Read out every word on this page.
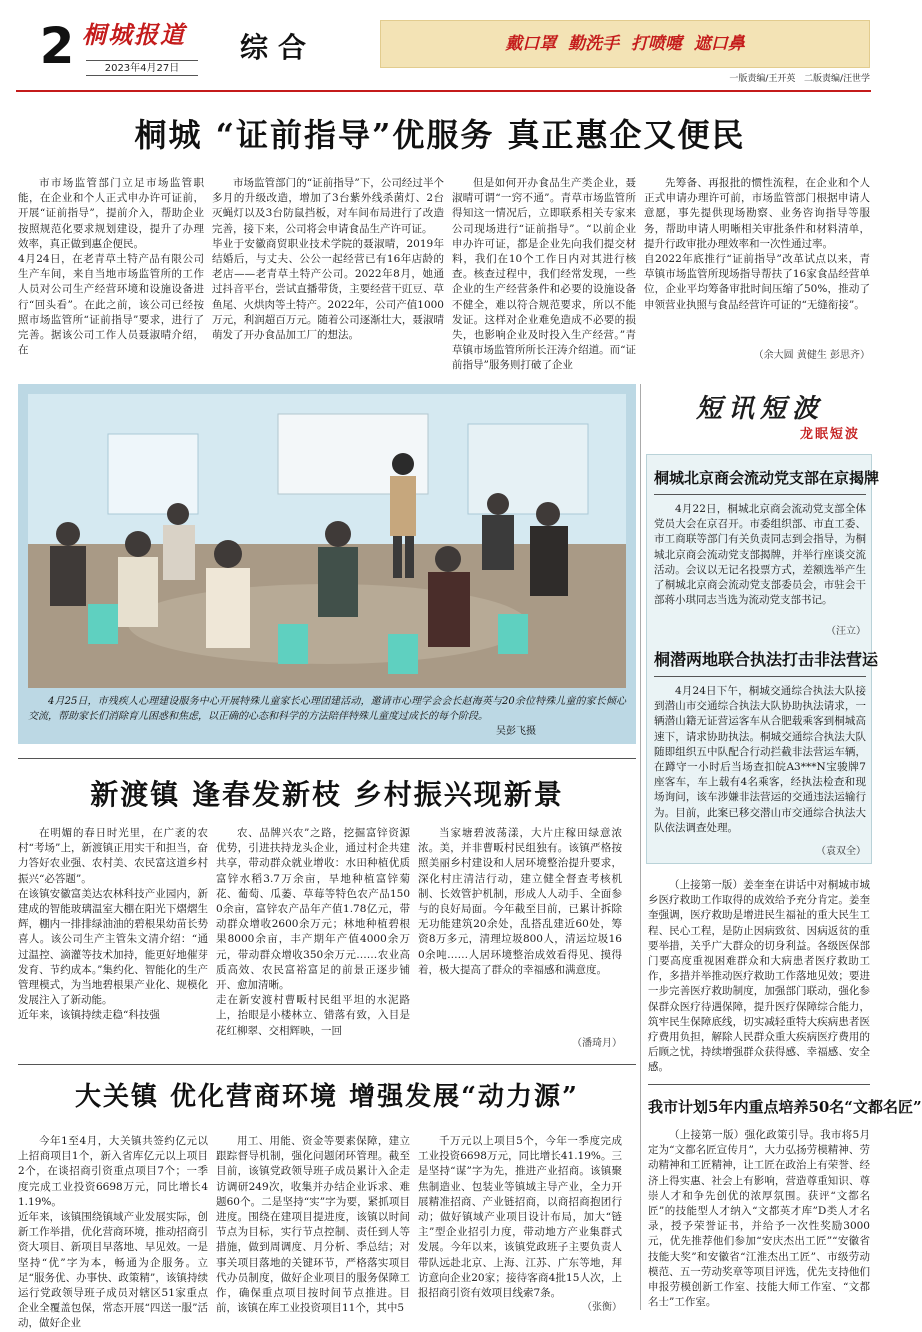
2 桐城报道
2023年4月27日
综合	戴口罩  勤洗手  打喷嚏  遮口鼻
一版责编/王开英   二版责编/汪世学
桐城 “证前指导”优服务 真正惠企又便民
市市场监管部门立足市场监管职能，在企业和个人正式申办许可证前，开展“证前指导”，提前介入，帮助企业按照规范化要求规划建设，提升了办理效率，真正做到惠企便民。
4月24日，在老青草土特产品有限公司生产车间，来自当地市场监管所的工作人员对公司生产经营环境和设施设备进行“回头看”。在此之前，该公司已经按照市场监管所“证前指导”要求，进行了完善。据该公司工作人员聂淑晴介绍，在
市场监管部门的“证前指导”下，公司经过半个多月的升级改造，增加了3台紫外线杀菌灯、2台灭蝇灯以及3台防鼠挡板，对车间布局进行了改造完善，接下来，公司将会申请食品生产许可证。
毕业于安徽商贸职业技术学院的聂淑晴，2019年结婚后，与丈夫、公公一起经营已有16年店龄的老店——老青草土特产公司。2022年8月，她通过抖音平台，尝试直播带货，主要经营干豇豆、草鱼尾、火烘肉等土特产。2022年，公司产值1000万元，利润超百万元。随着公司逐渐壮大，聂淑晴萌发了开办食品加工厂的想法。
但是如何开办食品生产类企业，聂淑晴可谓“一窍不通”。青草市场监管所得知这一情况后，立即联系相关专家来公司现场进行“证前指导”。“以前企业申办许可证，都是企业先向我们提交材料，我们在10个工作日内对其进行核查。核查过程中，我们经常发现，一些企业的生产经营条件和必要的设施设备不健全，难以符合规范要求，所以不能发证。这样对企业难免造成不必要的损失，也影响企业及时投入生产经营。”青草镇市场监管所所长汪涛介绍道。而“证前指导”服务则打破了企业
先筹备、再报批的惯性流程，在企业和个人正式申请办理许可前，市场监管部门根据申请人意愿，事先提供现场勘察、业务咨询指导等服务，帮助申请人明晰相关审批条件和材料清单，提升行政审批办理效率和一次性通过率。
自2022年底推行“证前指导”改革试点以来，青草镇市场监管所现场指导帮扶了16家食品经营单位，企业平均筹备审批时间压缩了50%，推动了申领营业执照与食品经营许可证的“无缝衔接”。
（余大圆 黄健生 彭思齐）
4月25日，市残疾人心理建设服务中心开展特殊儿童家长心理团建活动，邀请市心理学会会长赵海英与20余位特殊儿童的家长倾心交流，帮助家长们消除育儿困惑和焦虑，以正确的心态和科学的方法陪伴特殊儿童度过成长的每个阶段。
吴彭飞摄
短讯短波
龙眠短波
桐城北京商会流动党支部在京揭牌
4月22日，桐城北京商会流动党支部全体党员大会在京召开。市委组织部、市直工委、市工商联等部门有关负责同志到会指导，为桐城北京商会流动党支部揭牌，并举行座谈交流活动。会议以无记名投票方式，差额选举产生了桐城北京商会流动党支部委员会，市驻会干部蒋小琪同志当选为流动党支部书记。
（汪立）
桐潜两地联合执法打击非法营运
4月24日下午，桐城交通综合执法大队接到潜山市交通综合执法大队协助执法请求，一辆潜山籍无证营运客车从合肥载乘客到桐城高速下，请求协助执法。桐城交通综合执法大队随即组织五中队配合行动拦截非法营运车辆，在蹲守一小时后当场查扣皖A3***N宝骏牌7座客车，车上载有4名乘客，经执法检查和现场询问，该车涉嫌非法营运的交通违法运输行为。目前，此案已移交潜山市交通综合执法大队依法调查处理。
（袁双全）
（上接第一版）姜奎奎在讲话中对桐城市城乡医疗救助工作取得的成效给予充分肯定。姜奎奎强调，医疗救助是增进民生福祉的重大民生工程、民心工程，是防止因病致贫、因病返贫的重要举措，关乎广大群众的切身利益。各级医保部门要高度重视困难群众和大病患者医疗救助工作，多措并举推动医疗救助工作落地见效；要进一步完善医疗救助制度，加强部门联动，强化参保群众医疗待遇保障，提升医疗保障综合能力，筑牢民生保障底线，切实减轻重特大疾病患者医疗费用负担，解除人民群众重大疾病医疗费用的后顾之忧，持续增强群众获得感、幸福感、安全感。
我市计划5年内重点培养50名“文都名匠”
（上接第一版）强化政策引导。我市将5月定为“文都名匠宣传月”，大力弘扬劳模精神、劳动精神和工匠精神，让工匠在政治上有荣誉、经济上得实惠、社会上有影响，营造尊重知识、尊崇人才和争先创优的浓厚氛围。获评“文都名匠”的技能型人才纳入“文都英才库”D类人才名录，授予荣誉证书，并给予一次性奖励3000元，优先推荐他们参加“安庆杰出工匠”“安徽省技能大奖”和安徽省“江淮杰出工匠”、市级劳动模范、五一劳动奖章等项目评选，优先支持他们申报劳模创新工作室、技能大师工作室、“文都名士”工作室。
新渡镇 逢春发新枝 乡村振兴现新景
在明媚的春日时光里，在广袤的农村“考场”上，新渡镇正用实干和担当，奋力答好农业强、农村美、农民富这道乡村振兴“必答题”。
在该镇安徽富美达农林科技产业园内，新建成的智能玻璃温室大棚在阳光下熠熠生辉，棚内一排排绿油油的碧根果幼苗长势喜人。该公司生产主管朱文清介绍：“通过温控、滴灌等技术加持，能更好地催芽发育、节约成本。”集约化、智能化的生产管理模式，为当地碧根果产业化、规模化发展注入了新动能。
近年来，该镇持续走稳“科技强
农、品牌兴农”之路，挖掘富锌资源优势，引进扶持龙头企业，通过村企共建共享，带动群众就业增收：水田种植优质富锌水稻3.7万余亩，旱地种植富锌菊花、葡萄、瓜萎、草莓等特色农产品1500余亩，富锌农产品年产值1.78亿元，带动群众增收2600余万元；林地种植碧根果8000余亩，丰产期年产值4000余万元，带动群众增收350余万元……农业高质高效、农民富裕富足的前景正逐步铺开、愈加清晰。
走在新安渡村曹畈村民组平坦的水泥路上，抬眼是小楼林立、错落有致，入目是花红柳翠、交相辉映，一回
当家塘碧波荡漾，大片庄稼田绿意浓浓。美，并非曹畈村民组独有。该镇严格按照美丽乡村建设和人居环境整治提升要求，深化村庄清洁行动，建立健全督查考核机制、长效管护机制，形成人人动手、全面参与的良好局面。今年截至目前，已累计拆除无功能建筑20余处，乱搭乱建近60处，筹资8万多元，清理垃圾800人，清运垃圾160余吨……人居环境整治成效看得见、摸得着，极大提高了群众的幸福感和满意度。
（潘琦月）
大关镇 优化营商环境 增强发展“动力源”
今年1至4月，大关镇共签约亿元以上招商项目1个，新入省库亿元以上项目2个，在谈招商引资重点项目7个；一季度完成工业投资6698万元，同比增长41.19%。
近年来，该镇围绕镇域产业发展实际，创新工作举措，优化营商环境，推动招商引资大项目、新项目早落地、早见效。一是坚持“优”字为本，畅通为企服务。立足“服务优、办事快、政策精”，该镇持续运行党政领导班子成员对辖区51家重点企业全覆盖包保，常态开展“四送一服”活动，做好企业
用工、用能、资金等要素保障，建立跟踪督导机制，强化问题闭环管理。截至目前，该镇党政领导班子成员累计入企走访调研249次，收集并办结企业诉求、难题60个。二是坚持“实”字为要，紧抓项目进度。围绕在建项目提进度，该镇以时间节点为目标，实行节点控制、责任到人等措施，做到周调度、月分析、季总结；对事关项目落地的关键环节，严格落实项目代办员制度，做好企业项目的服务保障工作，确保重点项目按时间节点推进。目前，该镇在库工业投资项目11个，其中5
千万元以上项目5个，今年一季度完成工业投资6698万元，同比增长41.19%。三是坚持“谋”字为先，推进产业招商。该镇聚焦制造业、包装业等镇域主导产业，全力开展精准招商、产业链招商，以商招商抱团行动；做好镇域产业项目设计布局，加大“链主”型企业招引力度，带动地方产业集群式发展。今年以来，该镇党政班子主要负责人带队远赴北京、上海、江苏、广东等地，拜访意向企业20家；接待客商4批15人次，上报招商引资有效项目线索7条。
（张衡）
